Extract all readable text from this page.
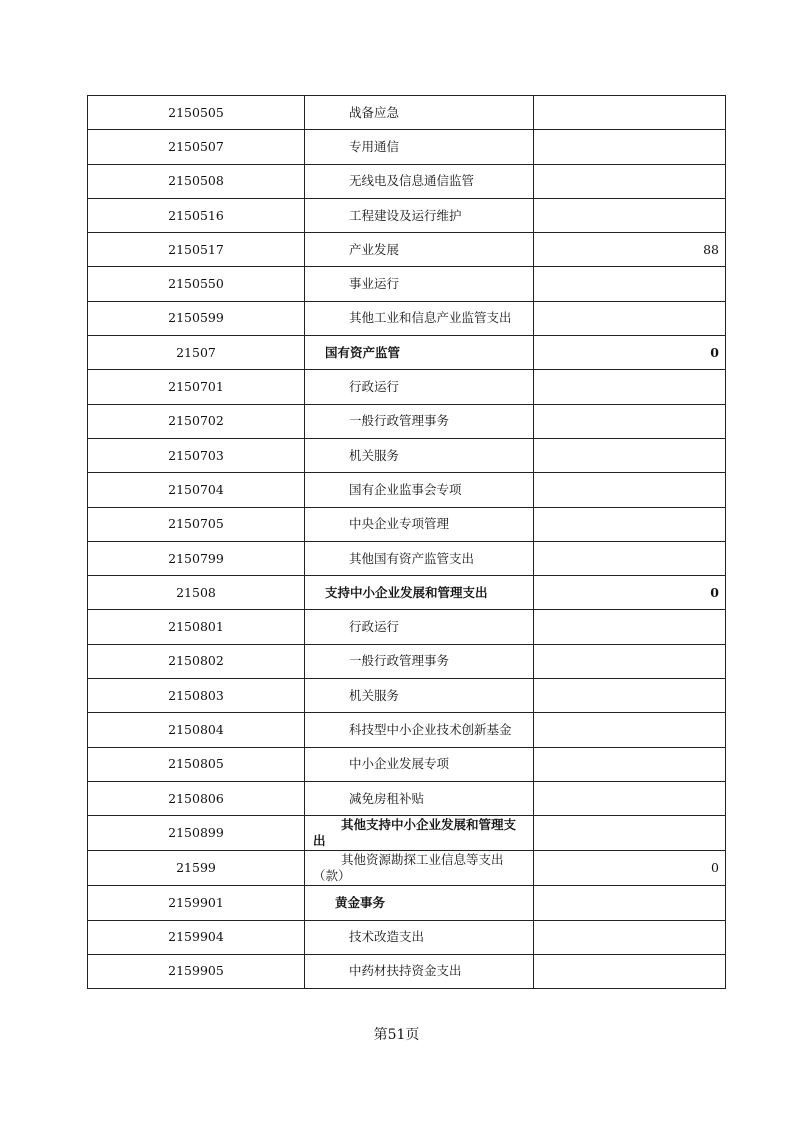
2150505	战备应急	
2150507	专用通信	
2150508	无线电及信息通信监管	
2150516	工程建设及运行维护	
2150517	产业发展	88
2150550	事业运行	
2150599	其他工业和信息产业监管支出	
21507	国有资产监管	0
2150701	行政运行	
2150702	一般行政管理事务	
2150703	机关服务	
2150704	国有企业监事会专项	
2150705	中央企业专项管理	
2150799	其他国有资产监管支出	
21508	支持中小企业发展和管理支出	0
2150801	行政运行	
2150802	一般行政管理事务	
2150803	机关服务	
2150804	科技型中小企业技术创新基金	
2150805	中小企业发展专项	
2150806	减免房租补贴	
2150899	其他支持中小企业发展和管理支出	
21599	其他资源勘探工业信息等支出（款）	0
2159901	黄金事务	
2159904	技术改造支出	
2159905	中药材扶持资金支出	
第51页
